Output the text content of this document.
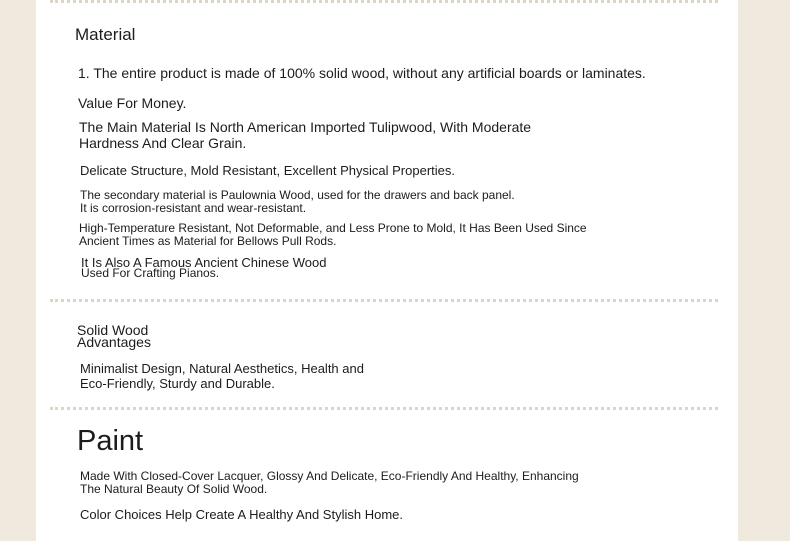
Material
1. The entire product is made of 100% solid wood, without any artificial boards or laminates.
Value For Money.
The Main Material Is North American Imported Tulipwood, With Moderate
Hardness And Clear Grain.
Delicate Structure, Mold Resistant, Excellent Physical Properties.
The secondary material is Paulownia Wood, used for the drawers and back panel.
It is corrosion-resistant and wear-resistant.
High-Temperature Resistant, Not Deformable, and Less Prone to Mold, It Has Been Used Since
Ancient Times as Material for Bellows Pull Rods.
It Is Also A Famous Ancient Chinese Wood
Used For Crafting Pianos.
Solid Wood
Advantages
Minimalist Design, Natural Aesthetics, Health and
Eco-Friendly, Sturdy and Durable.
Paint
Made With Closed-Cover Lacquer, Glossy And Delicate, Eco-Friendly And Healthy, Enhancing
The Natural Beauty Of Solid Wood.
Color Choices Help Create A Healthy And Stylish Home.
